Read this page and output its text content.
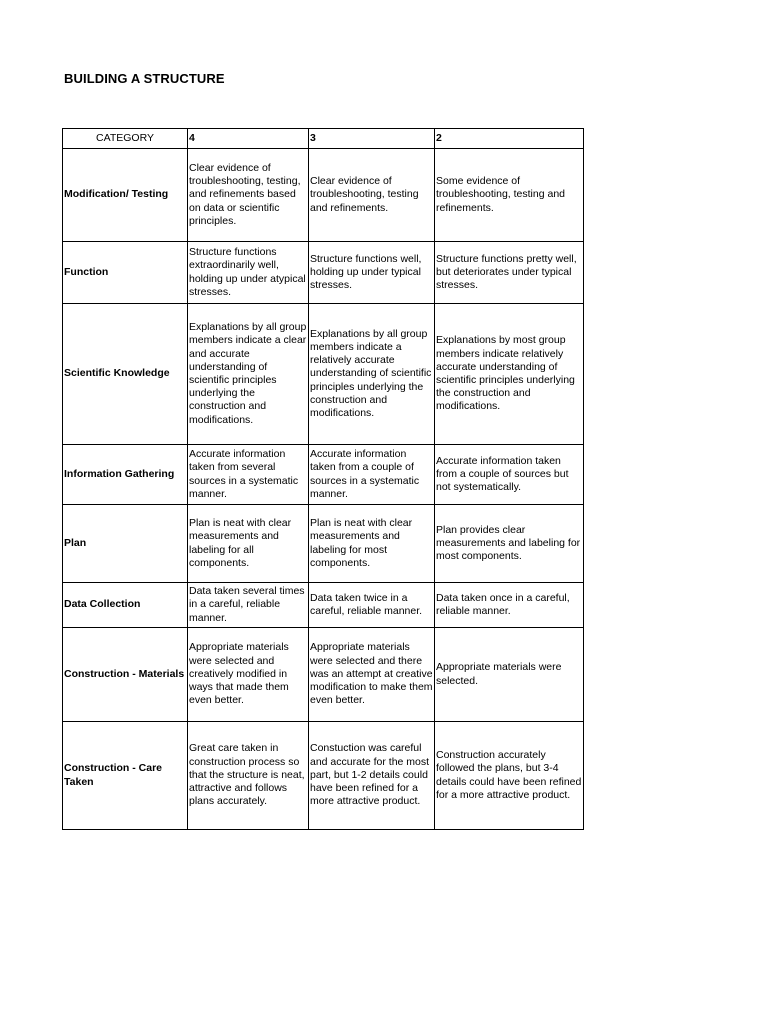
BUILDING A STRUCTURE
CATEGORY	4	3	2
Modification/ Testing	Clear evidence of troubleshooting, testing, and refinements based on data or scientific principles.	Clear evidence of troubleshooting, testing and refinements.	Some evidence of troubleshooting, testing and refinements.
Function	Structure functions extraordinarily well, holding up under atypical stresses.	Structure functions well, holding up under typical stresses.	Structure functions pretty well, but deteriorates under typical stresses.
Scientific Knowledge	Explanations by all group members indicate a clear and accurate understanding of scientific principles underlying the construction and modifications.	Explanations by all group members indicate a relatively accurate understanding of scientific principles underlying the construction and modifications.	Explanations by most group members indicate relatively accurate understanding of scientific principles underlying the construction and modifications.
Information Gathering	Accurate information taken from several sources in a systematic manner.	Accurate information taken from a couple of sources in a systematic manner.	Accurate information taken from a couple of sources but not systematically.
Plan	Plan is neat with clear measurements and labeling for all components.	Plan is neat with clear measurements and labeling for most components.	Plan provides clear measurements and labeling for most components.
Data Collection	Data taken several times in a careful, reliable manner.	Data taken twice in a careful, reliable manner.	Data taken once in a careful, reliable manner.
Construction - Materials	Appropriate materials were selected and creatively modified in ways that made them even better.	Appropriate materials were selected and there was an attempt at creative modification to make them even better.	Appropriate materials were selected.
Construction - Care Taken	Great care taken in construction process so that the structure is neat, attractive and follows plans accurately.	Constuction was careful and accurate for the most part, but 1-2 details could have been refined for a more attractive product.	Construction accurately followed the plans, but 3-4 details could have been refined for a more attractive product.
